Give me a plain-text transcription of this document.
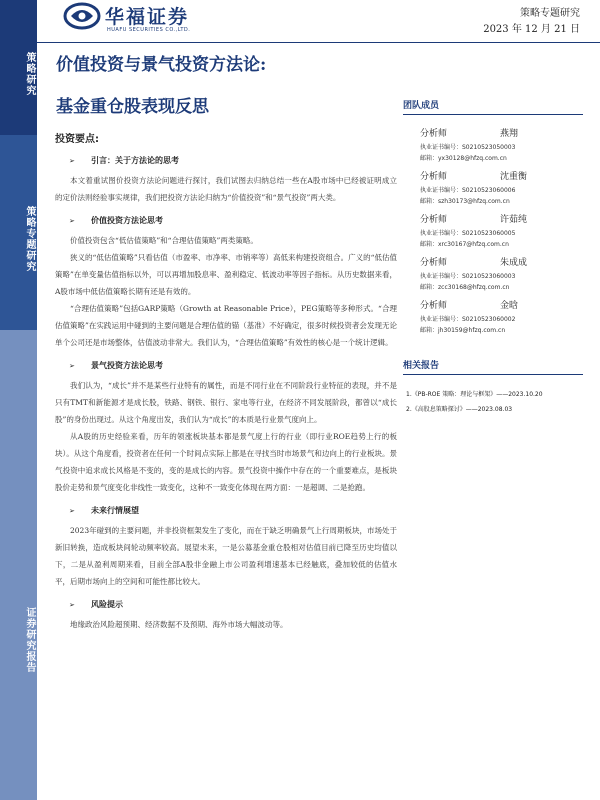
策略研究
策略专题研究
证券研究报告
华福证券
HUAFU SECURITIES CO.,LTD.
策略专题研究
2023 年 12 月 21 日
价值投资与景气投资方法论:
基金重仓股表现反思
投资要点:
➢ 引言：关于方法论的思考

本文着重试图价投资方法论问题进行探讨，我们试图去归纳总结一些在A股市场中已经被证明成立的定价法则经验事实规律，我们把投资方法论归纳为“价值投资”和“景气投资”两大类。

➢ 价值投资方法论思考

价值投资包含“低估值策略”和“合理估值策略”两类策略。

狭义的“低估值策略”只看估值（市盈率、市净率、市销率等）高低来构建投资组合。广义的“低估值策略”在单变量估值指标以外，可以再增加股息率、盈利稳定、低波动率等因子指标。从历史数据来看，A股市场中低估值策略长期有还是有效的。

“合理估值策略”包括GARP策略（Growth at Reasonable Price），PEG策略等多种形式。“合理估值策略”在实践运用中碰到的主要问题是合理估值的锚（基准）不好确定，很多时候投资者会发现无论单个公司还是市场整体，估值波动非常大。我们认为，“合理估值策略”有效性的核心是一个统计逻辑。

➢ 景气投资方法论思考

我们认为，“成长”并不是某些行业特有的属性，而是不同行业在不同阶段行业特征的表现，并不是只有TMT和新能源才是成长股，铁路、钢铁、银行、家电等行业，在经济不同发展阶段，都曾以“成长股”的身份出现过。从这个角度出发，我们认为“成长”的本质是行业景气度向上。

从A股的历史经验来看，历年的领涨板块基本都是景气度上行的行业（即行业ROE趋势上行的板块）。从这个角度看，投资者在任何一个时间点实际上都是在寻找当时市场景气和边向上的行业板块。景气投资中追求成长风格是不变的，变的是成长的内容。景气投资中操作中存在的一个重要难点，是板块股价走势和景气度变化非线性一致变化，这种不一致变化体现在两方面：一是超调、二是抢跑。

➢ 未来行情展望

2023年碰到的主要问题，并非投资框架发生了变化，而在于缺乏明确景气上行周期板块，市场处于新旧转换，造成板块间轮动频率较高。展望未来，一是公募基金重仓股相对估值目前已降至历史均值以下，二是从盈利周期来看，目前全部A股非金融上市公司盈利增速基本已经触底，叠加较低的估值水平，后期市场向上的空间和可能性都比较大。

➢ 风险提示

地缘政治风险超预期、经济数据不及预期、海外市场大幅波动等。

团队成员
分析师	燕翔
执业证书编号：S0210523050003
邮箱：yx30128@hfzq.com.cn
分析师	沈重衡
执业证书编号：S0210523060006
邮箱：szh30173@hfzq.com.cn
分析师	许茹纯
执业证书编号：S0210523060005
邮箱：xrc30167@hfzq.com.cn
分析师	朱成成
执业证书编号：S0210523060003
邮箱：zcc30168@hfzq.com.cn
分析师	金晗
执业证书编号：S0210523060002
邮箱：jh30159@hfzq.com.cn
相关报告
1.《PB-ROE 策略：理论与框架》——2023.10.20
2.《高股息策略探讨》——2023.08.03
